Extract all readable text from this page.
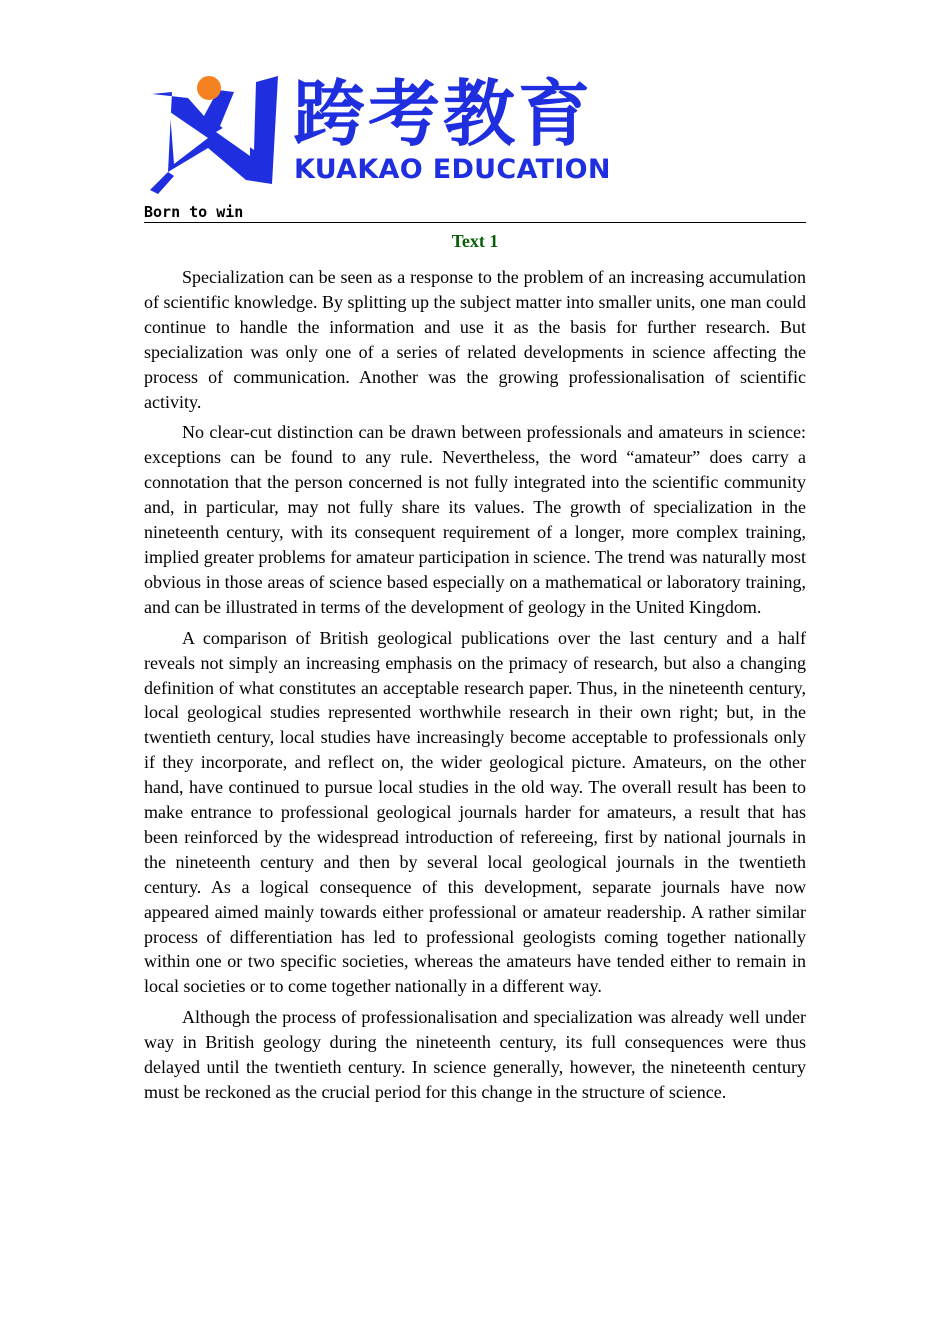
跨考教育
KUAKAO EDUCATION
Born to win
Text 1

Specialization can be seen as a response to the problem of an increasing accumulation of scientific knowledge. By splitting up the subject matter into smaller units, one man could continue to handle the information and use it as the basis for further research. But specialization was only one of a series of related developments in science affecting the process of communication. Another was the growing professionalisation of scientific activity.

No clear-cut distinction can be drawn between professionals and amateurs in science: exceptions can be found to any rule. Nevertheless, the word “amateur” does carry a connotation that the person concerned is not fully integrated into the scientific community and, in particular, may not fully share its values. The growth of specialization in the nineteenth century, with its consequent requirement of a longer, more complex training, implied greater problems for amateur participation in science. The trend was naturally most obvious in those areas of science based especially on a mathematical or laboratory training, and can be illustrated in terms of the development of geology in the United Kingdom.

A comparison of British geological publications over the last century and a half reveals not simply an increasing emphasis on the primacy of research, but also a changing definition of what constitutes an acceptable research paper. Thus, in the nineteenth century, local geological studies represented worthwhile research in their own right; but, in the twentieth century, local studies have increasingly become acceptable to professionals only if they incorporate, and reflect on, the wider geological picture. Amateurs, on the other hand, have continued to pursue local studies in the old way. The overall result has been to make entrance to professional geological journals harder for amateurs, a result that has been reinforced by the widespread introduction of refereeing, first by national journals in the nineteenth century and then by several local geological journals in the twentieth century. As a logical consequence of this development, separate journals have now appeared aimed mainly towards either professional or amateur readership. A rather similar process of differentiation has led to professional geologists coming together nationally within one or two specific societies, whereas the amateurs have tended either to remain in local societies or to come together nationally in a different way.

Although the process of professionalisation and specialization was already well under way in British geology during the nineteenth century, its full consequences were thus delayed until the twentieth century. In science generally, however, the nineteenth century must be reckoned as the crucial period for this change in the structure of science.
